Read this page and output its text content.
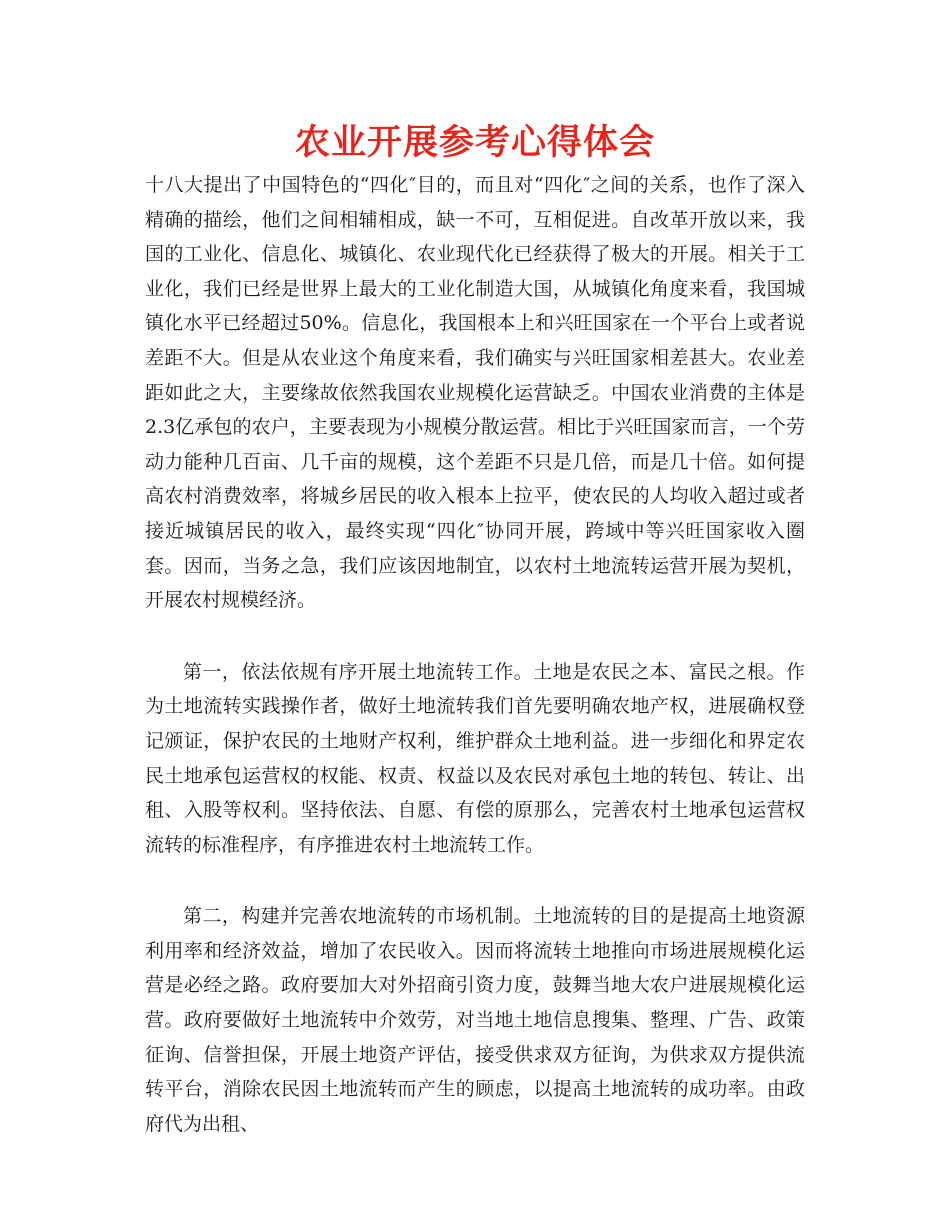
农业开展参考心得体会

十八大提出了中国特色的“四化″目的，而且对“四化″之间的关系，也作了深入精确的描绘，他们之间相辅相成，缺一不可，互相促进。自改革开放以来，我国的工业化、信息化、城镇化、农业现代化已经获得了极大的开展。相关于工业化，我们已经是世界上最大的工业化制造大国，从城镇化角度来看，我国城镇化水平已经超过50%。信息化，我国根本上和兴旺国家在一个平台上或者说差距不大。但是从农业这个角度来看，我们确实与兴旺国家相差甚大。农业差距如此之大，主要缘故依然我国农业规模化运营缺乏。中国农业消费的主体是2.3亿承包的农户，主要表现为小规模分散运营。相比于兴旺国家而言，一个劳动力能种几百亩、几千亩的规模，这个差距不只是几倍，而是几十倍。如何提高农村消费效率，将城乡居民的收入根本上拉平，使农民的人均收入超过或者接近城镇居民的收入，最终实现“四化″协同开展，跨域中等兴旺国家收入圈套。因而，当务之急，我们应该因地制宜，以农村土地流转运营开展为契机，开展农村规模经济。

第一，依法依规有序开展土地流转工作。土地是农民之本、富民之根。作为土地流转实践操作者，做好土地流转我们首先要明确农地产权，进展确权登记颁证，保护农民的土地财产权利，维护群众土地利益。进一步细化和界定农民土地承包运营权的权能、权责、权益以及农民对承包土地的转包、转让、出租、入股等权利。坚持依法、自愿、有偿的原那么，完善农村土地承包运营权流转的标准程序，有序推进农村土地流转工作。

第二，构建并完善农地流转的市场机制。土地流转的目的是提高土地资源利用率和经济效益，增加了农民收入。因而将流转土地推向市场进展规模化运营是必经之路。政府要加大对外招商引资力度，鼓舞当地大农户进展规模化运营。政府要做好土地流转中介效劳，对当地土地信息搜集、整理、广告、政策征询、信誉担保，开展土地资产评估，接受供求双方征询，为供求双方提供流转平台，消除农民因土地流转而产生的顾虑，以提高土地流转的成功率。由政府代为出租、
